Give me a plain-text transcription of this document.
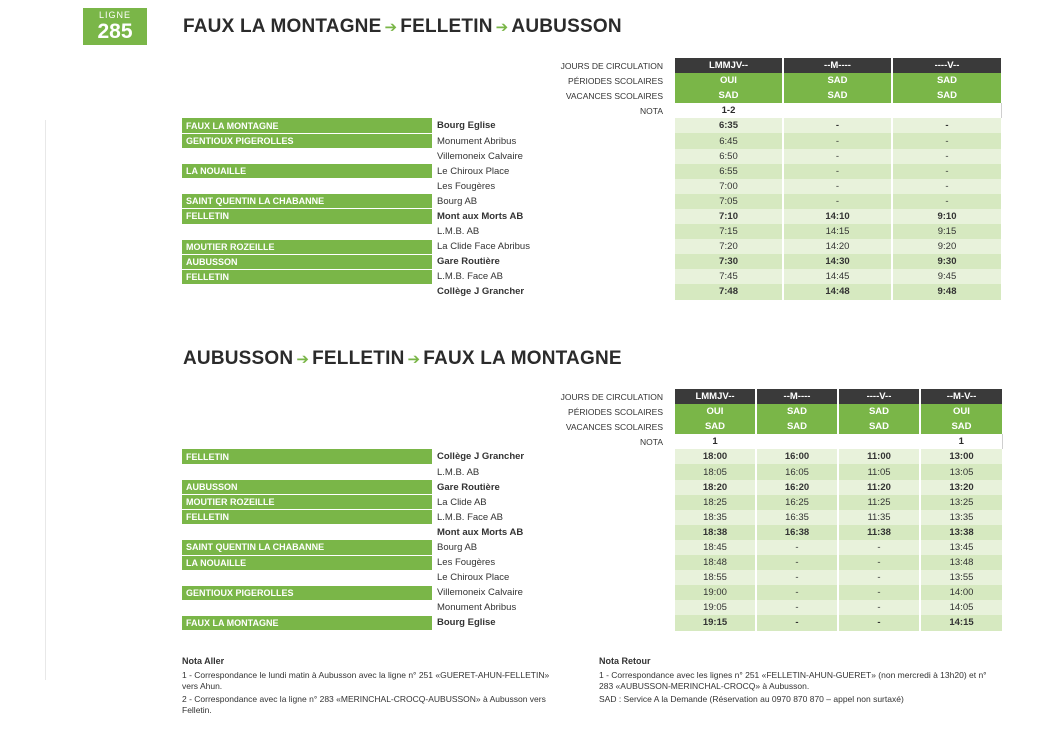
LIGNE
285	FAUX LA MONTAGNE ➔ FELLETIN ➔ AUBUSSON
JOURS DE CIRCULATION		LMMJV--	--M----	----V--
PÉRIODES SCOLAIRES		OUI	SAD	SAD
VACANCES SCOLAIRES		SAD	SAD	SAD
NOTA		1-2		
FAUX LA MONTAGNE	Bourg Eglise	6:35	-	-
GENTIOUX PIGEROLLES	Monument Abribus	6:45	-	-
	Villemoneix Calvaire	6:50	-	-
LA NOUAILLE	Le Chiroux Place	6:55	-	-
	Les Fougères	7:00	-	-
SAINT QUENTIN LA CHABANNE	Bourg AB	7:05	-	-
FELLETIN	Mont aux Morts AB	7:10	14:10	9:10
	L.M.B. AB	7:15	14:15	9:15
MOUTIER ROZEILLE	La Clide Face Abribus	7:20	14:20	9:20
AUBUSSON	Gare Routière	7:30	14:30	9:30
FELLETIN	L.M.B. Face AB	7:45	14:45	9:45
	Collège J Grancher	7:48	14:48	9:48
AUBUSSON ➔ FELLETIN ➔ FAUX LA MONTAGNE
JOURS DE CIRCULATION		LMMJV--	--M----	----V--	--M-V--
PÉRIODES SCOLAIRES		OUI	SAD	SAD	OUI
VACANCES SCOLAIRES		SAD	SAD	SAD	SAD
NOTA		1			1
FELLETIN	Collège J Grancher	18:00	16:00	11:00	13:00
	L.M.B. AB	18:05	16:05	11:05	13:05
AUBUSSON	Gare Routière	18:20	16:20	11:20	13:20
MOUTIER ROZEILLE	La Clide AB	18:25	16:25	11:25	13:25
FELLETIN	L.M.B. Face AB	18:35	16:35	11:35	13:35
	Mont aux Morts AB	18:38	16:38	11:38	13:38
SAINT QUENTIN LA CHABANNE	Bourg AB	18:45	-	-	13:45
LA NOUAILLE	Les Fougères	18:48	-	-	13:48
	Le Chiroux Place	18:55	-	-	13:55
GENTIOUX PIGEROLLES	Villemoneix Calvaire	19:00	-	-	14:00
	Monument Abribus	19:05	-	-	14:05
FAUX LA MONTAGNE	Bourg Eglise	19:15	-	-	14:15
Nota Aller
1 - Correspondance le lundi matin à Aubusson avec la ligne n° 251 «GUERET-AHUN-FELLETIN» vers Ahun.
2 - Correspondance avec la ligne n° 283 «MERINCHAL-CROCQ-AUBUSSON» à Aubusson vers Felletin.
Nota Retour
1 - Correspondance avec les lignes n° 251 «FELLETIN-AHUN-GUERET» (non mercredi à 13h20) et n° 283 «AUBUSSON-MERINCHAL-CROCQ» à Aubusson.
SAD : Service A la Demande (Réservation au 0970 870 870 – appel non surtaxé)
